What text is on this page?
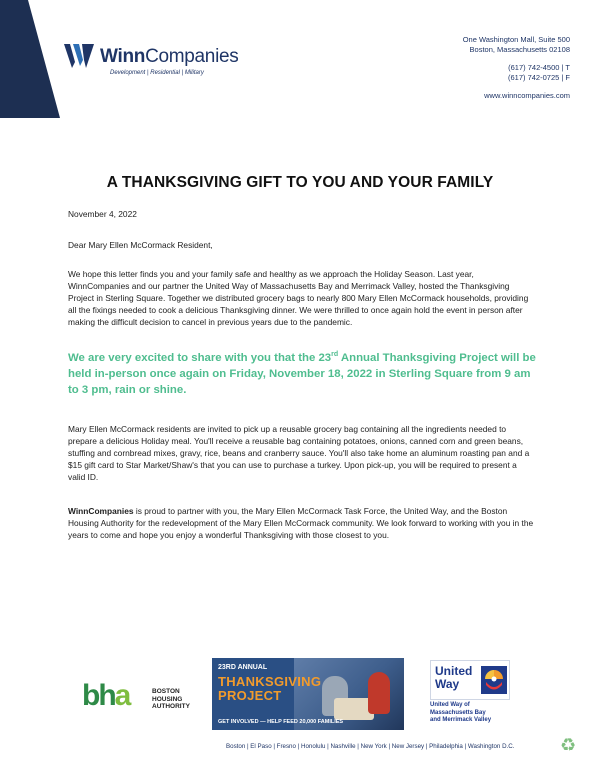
WinnCompanies
Development | Residential | Military
One Washington Mall, Suite 500
Boston, Massachusetts 02108
(617) 742-4500 | T
(617) 742-0725 | F
www.winncompanies.com
A THANKSGIVING GIFT TO YOU AND YOUR FAMILY
November 4, 2022
Dear Mary Ellen McCormack Resident,
We hope this letter finds you and your family safe and healthy as we approach the Holiday Season. Last year, WinnCompanies and our partner the United Way of Massachusetts Bay and Merrimack Valley, hosted the Thanksgiving Project in Sterling Square. Together we distributed grocery bags to nearly 800 Mary Ellen McCormack households, providing all the fixings needed to cook a delicious Thanksgiving dinner. We were thrilled to once again hold the event in person after making the difficult decision to cancel in previous years due to the pandemic.
We are very excited to share with you that the 23rd Annual Thanksgiving Project will be held in-person once again on Friday, November 18, 2022 in Sterling Square from 9 am to 3 pm, rain or shine.
Mary Ellen McCormack residents are invited to pick up a reusable grocery bag containing all the ingredients needed to prepare a delicious Holiday meal. You'll receive a reusable bag containing potatoes, onions, canned corn and green beans, stuffing and cornbread mixes, gravy, rice, beans and cranberry sauce. You'll also take home an aluminum roasting pan and a $15 gift card to Star Market/Shaw's that you can use to purchase a turkey. Upon pick-up, you will be required to present a valid ID.
WinnCompanies is proud to partner with you, the Mary Ellen McCormack Task Force, the United Way, and the Boston Housing Authority for the redevelopment of the Mary Ellen McCormack community. We look forward to working with you in the years to come and hope you enjoy a wonderful Thanksgiving with those closest to you.
bha	BOSTON
HOUSING
AUTHORITY
23RD ANNUAL
THANKSGIVING
PROJECT
GET INVOLVED — HELP FEED 20,000 FAMILIES
United
Way
United Way of
Massachusetts Bay
and Merrimack Valley
Boston | El Paso | Fresno | Honolulu | Nashville | New York | New Jersey | Philadelphia | Washington D.C.	♻
